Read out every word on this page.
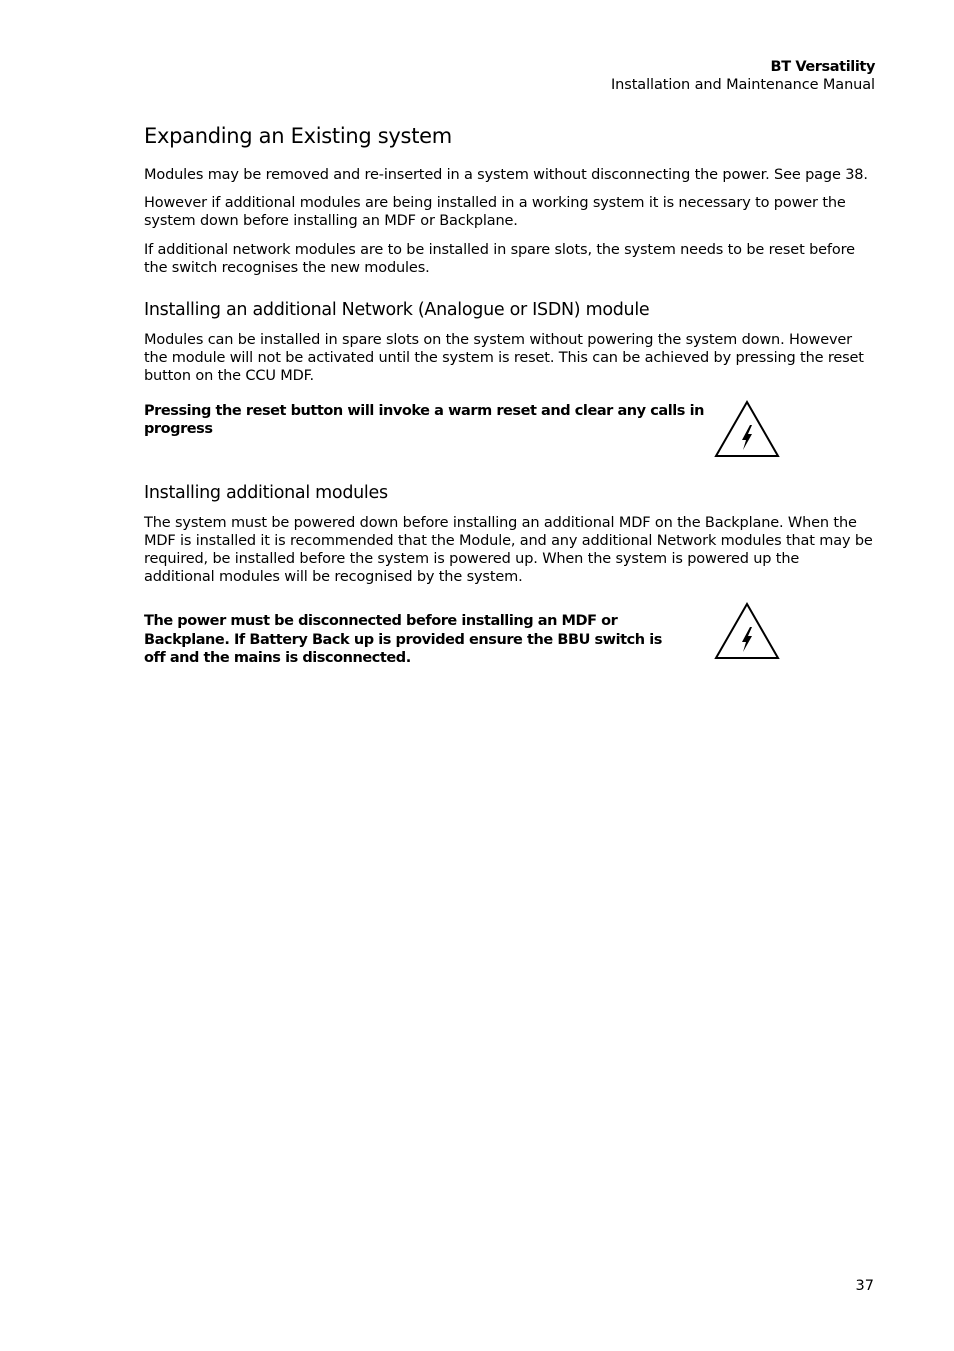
BT Versatility
Installation and Maintenance Manual
Expanding an Existing system

Modules may be removed and re-inserted in a system without disconnecting the power. See page 38.

However if additional modules are being installed in a working system it is necessary to power the system down before installing an MDF or Backplane.

If additional network modules are to be installed in spare slots, the system needs to be reset before the switch recognises the new modules.

Installing an additional Network (Analogue or ISDN) module

Modules can be installed in spare slots on the system without powering the system down. However the module will not be activated until the system is reset. This can be achieved by pressing the reset button on the CCU MDF.

Pressing the reset button will invoke a warm reset and clear any calls in progress
Installing additional modules

The system must be powered down before installing an additional MDF on the Backplane. When the MDF is installed it is recommended that the Module, and any additional Network modules that may be required, be installed before the system is powered up. When the system is powered up the additional modules will be recognised by the system.

The power must be disconnected before installing an MDF or Backplane. If Battery Back up is provided ensure the BBU switch is off and the mains is disconnected.
37
